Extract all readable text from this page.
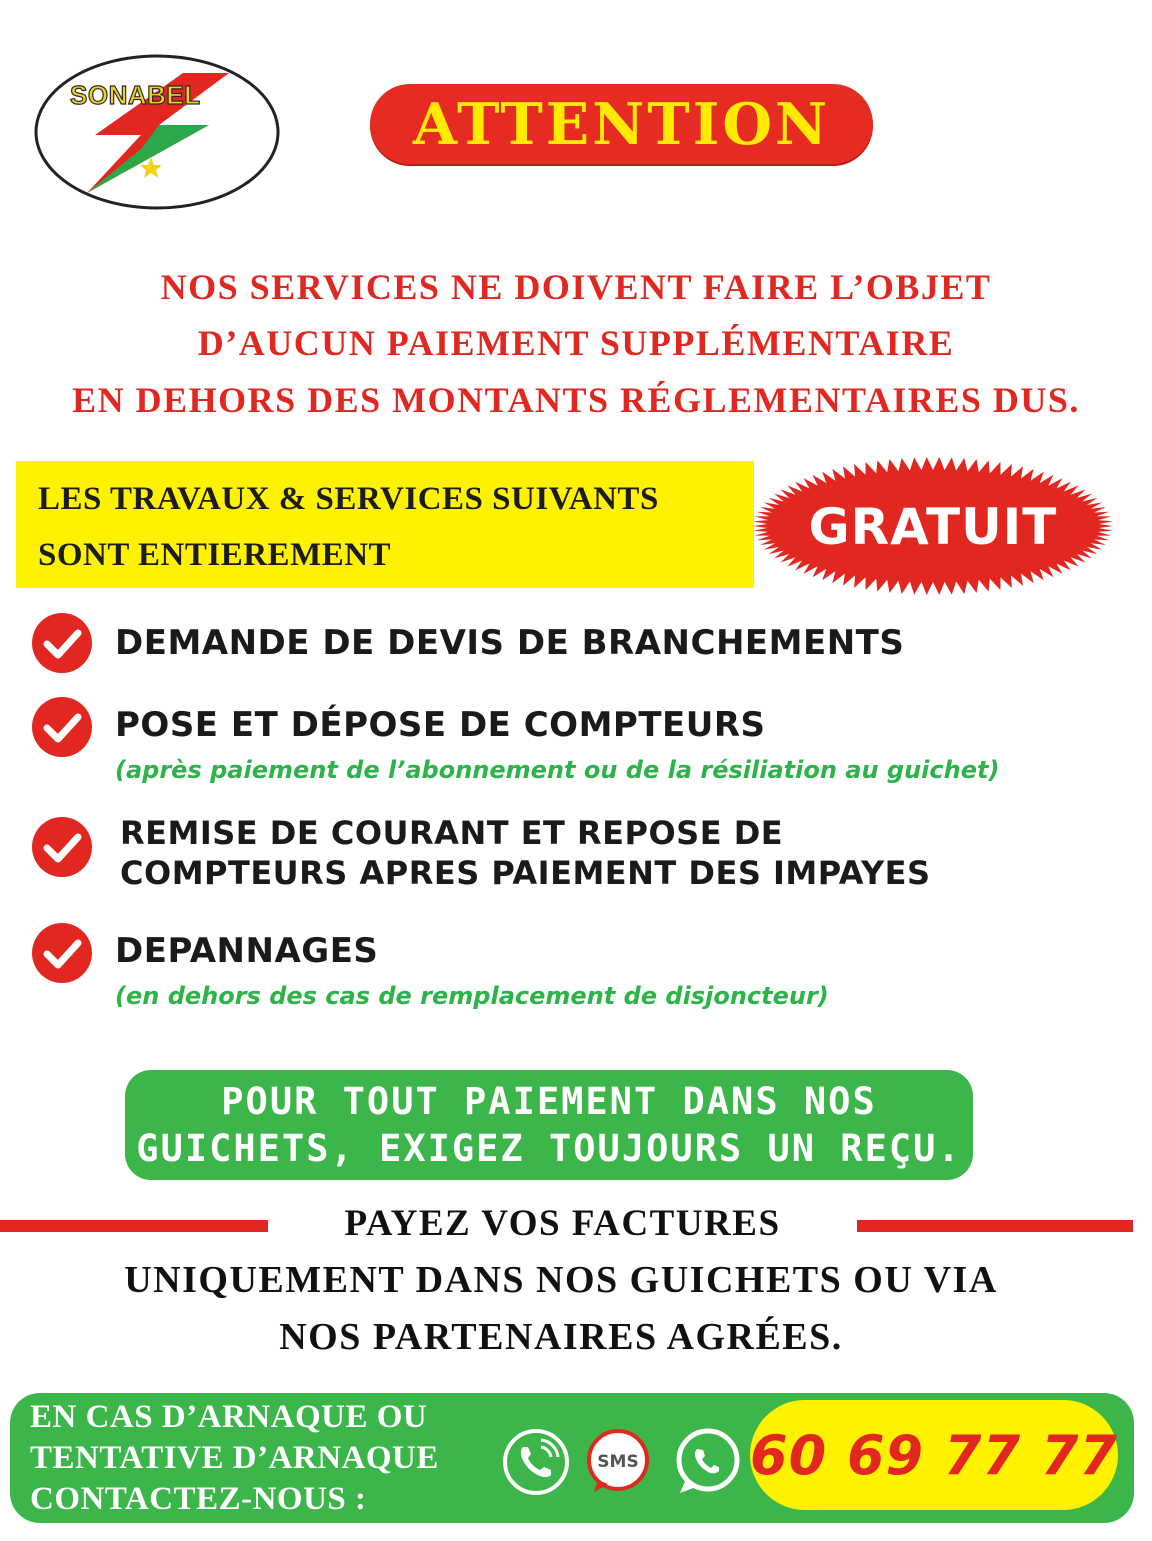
SONABEL	ATTENTION
NOS SERVICES NE DOIVENT FAIRE L’OBJET
D’AUCUN PAIEMENT SUPPLÉMENTAIRE
EN DEHORS DES MONTANTS RÉGLEMENTAIRES DUS.
LES TRAVAUX & SERVICES SUIVANTS
SONT ENTIEREMENT	GRATUIT
DEMANDE DE DEVIS DE BRANCHEMENTS
POSE ET DÉPOSE DE COMPTEURS
(après paiement de l’abonnement ou de la résiliation au guichet)
REMISE DE COURANT ET REPOSE DE
COMPTEURS APRES PAIEMENT DES IMPAYES
DEPANNAGES
(en dehors des cas de remplacement de disjoncteur)
POUR TOUT PAIEMENT DANS NOS
GUICHETS, EXIGEZ TOUJOURS UN REÇU.
PAYEZ VOS FACTURES
UNIQUEMENT DANS NOS GUICHETS OU VIA
NOS PARTENAIRES AGRÉES.
EN CAS D’ARNAQUE OU
TENTATIVE D’ARNAQUE
CONTACTEZ-NOUS :
SMS 60 69 77 77
